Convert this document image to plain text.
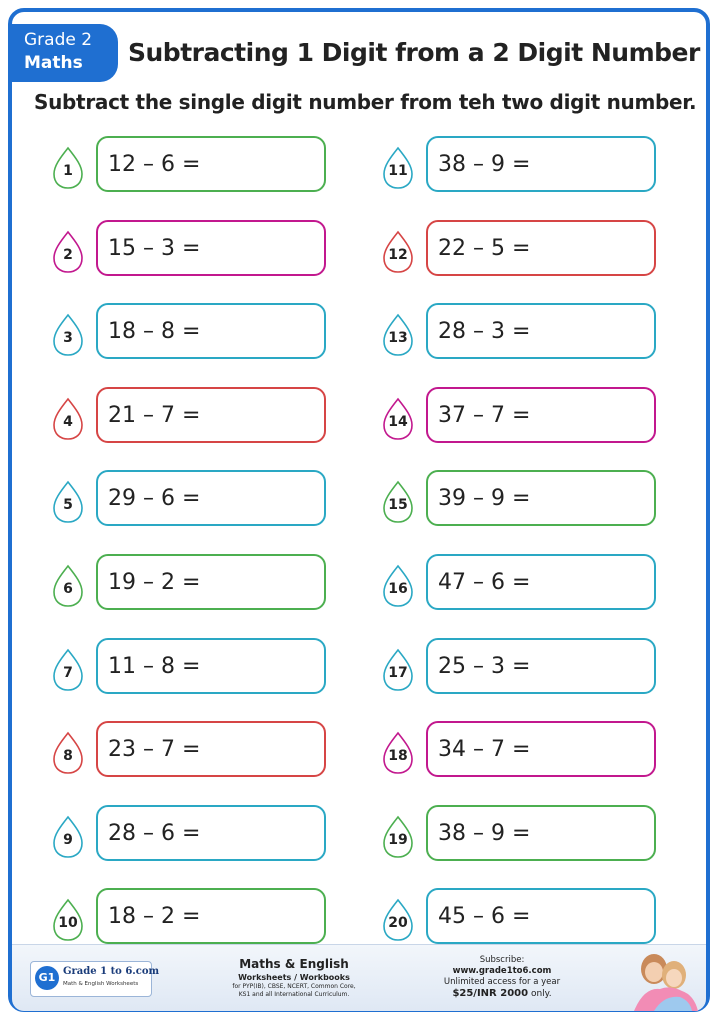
Grade 2
Maths	Subtracting 1 Digit from a 2 Digit Number
Subtract the single digit number from teh two digit number.
1	12 – 6 =
2	15 – 3 =
3	18 – 8 =
4	21 – 7 =
5	29 – 6 =
6	19 – 2 =
7	11 – 8 =
8	23 – 7 =
9	28 – 6 =
10 18 – 2 =
11 38 – 9 =
12 22 – 5 =
13 28 – 3 =
14 37 – 7 =
15 39 – 9 =
16 47 – 6 =
17 25 – 3 =
18 34 – 7 =
19 38 – 9 =
20 45 – 6 =
G1 Grade 1 to 6.com
Math & English Worksheets
Maths & English
Worksheets / Workbooks
for PYP(IB), CBSE, NCERT, Common Core,
KS1 and all International Curriculum.
Subscribe:
www.grade1to6.com
Unlimited access for a year
$25/INR 2000 only.
